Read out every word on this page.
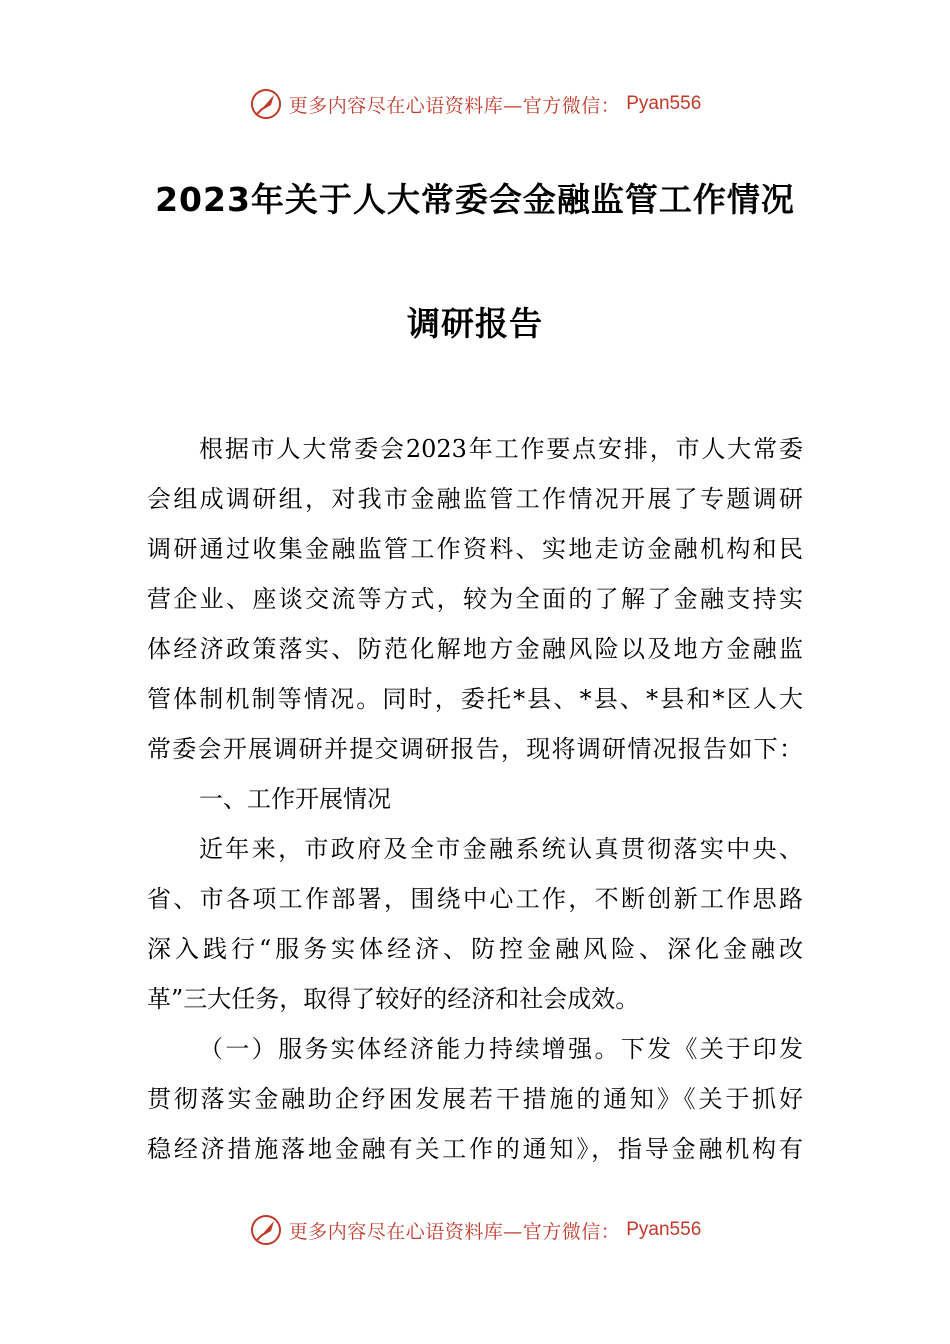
更多内容尽在心语资料库—官方微信： Pyan556
2023年关于人大常委会金融监管工作情况
调研报告
根据市人大常委会2023年工作要点安排，市人大常委
会组成调研组，对我市金融监管工作情况开展了专题调研
调研通过收集金融监管工作资料、实地走访金融机构和民
营企业、座谈交流等方式，较为全面的了解了金融支持实
体经济政策落实、防范化解地方金融风险以及地方金融监
管体制机制等情况。同时，委托*县、*县、*县和*区人大
常委会开展调研并提交调研报告，现将调研情况报告如下：
一、工作开展情况
近年来，市政府及全市金融系统认真贯彻落实中央、
省、市各项工作部署，围绕中心工作，不断创新工作思路
深入践行“服务实体经济、防控金融风险、深化金融改
革”三大任务，取得了较好的经济和社会成效。
（一）服务实体经济能力持续增强。下发《关于印发
贯彻落实金融助企纾困发展若干措施的通知》《关于抓好
稳经济措施落地金融有关工作的通知》，指导金融机构有
更多内容尽在心语资料库—官方微信： Pyan556
